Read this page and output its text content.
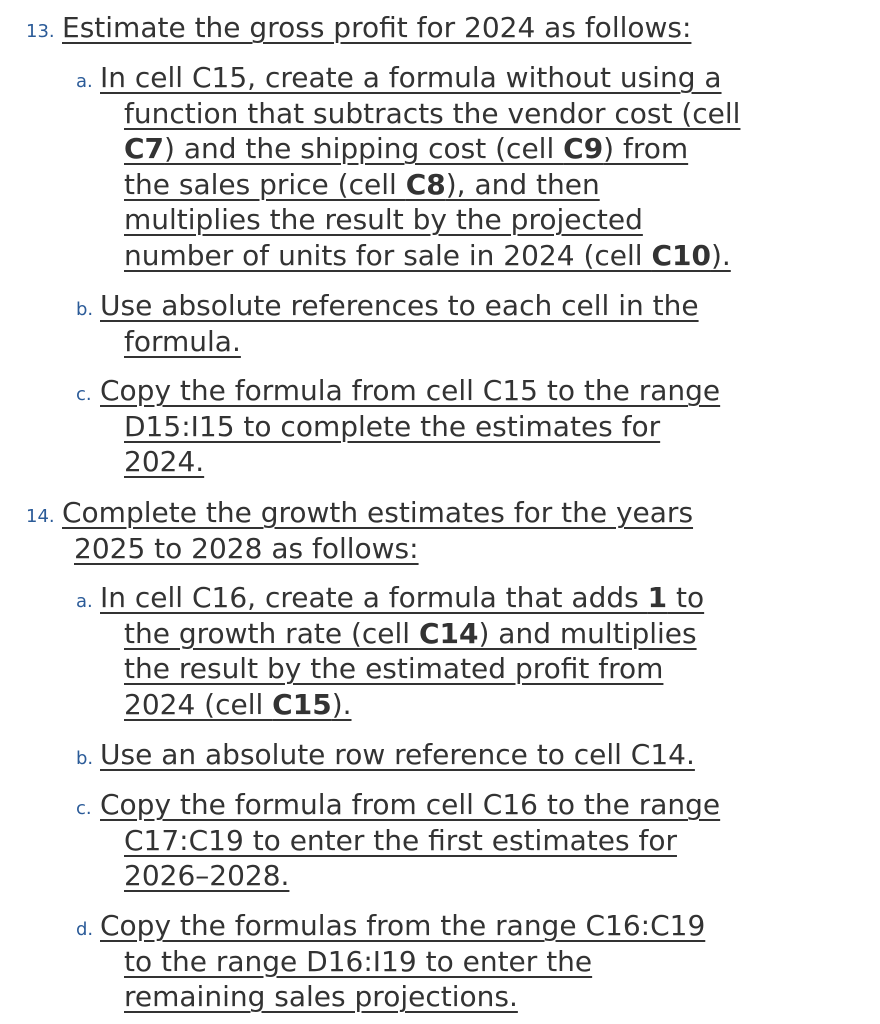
13. Estimate the gross profit for 2024 as follows:
a. In cell C15, create a formula without using a
function that subtracts the vendor cost (cell
C7) and the shipping cost (cell C9) from
the sales price (cell C8), and then
multiplies the result by the projected
number of units for sale in 2024 (cell C10).
b. Use absolute references to each cell in the
formula.
c. Copy the formula from cell C15 to the range
D15:I15 to complete the estimates for
2024.
14. Complete the growth estimates for the years
2025 to 2028 as follows:
a. In cell C16, create a formula that adds 1 to
the growth rate (cell C14) and multiplies
the result by the estimated profit from
2024 (cell C15).
b. Use an absolute row reference to cell C14.
c. Copy the formula from cell C16 to the range
C17:C19 to enter the first estimates for
2026–2028.
d. Copy the formulas from the range C16:C19
to the range D16:I19 to enter the
remaining sales projections.
